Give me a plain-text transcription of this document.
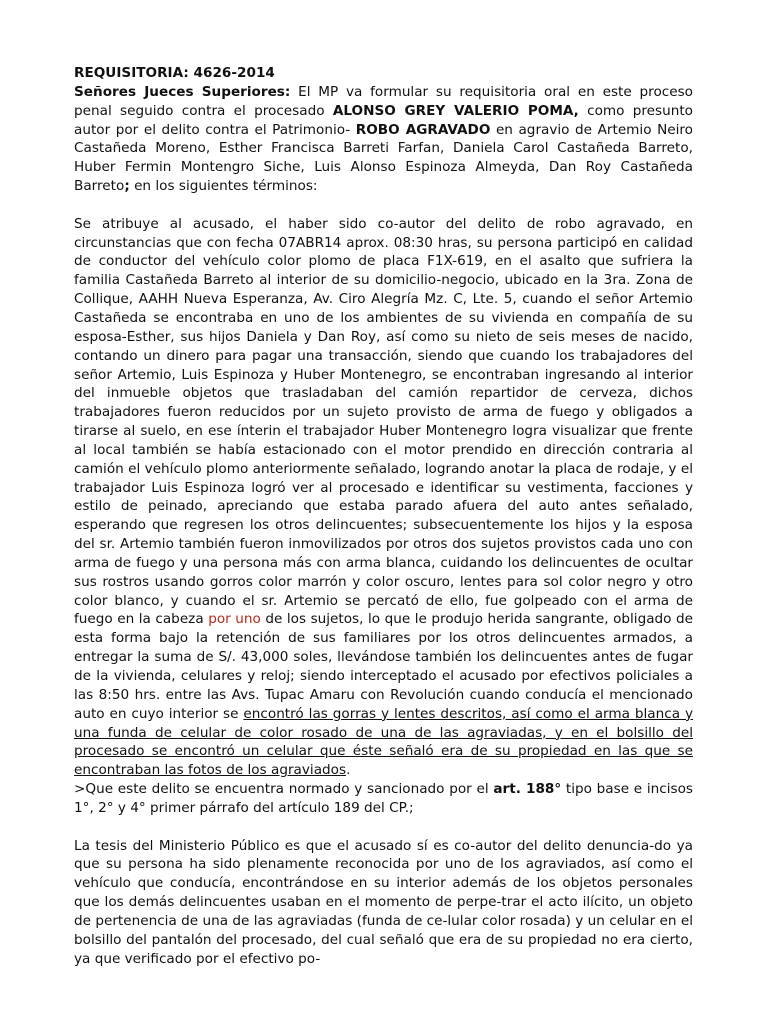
REQUISITORIA: 4626-2014

Señores Jueces Superiores: El MP va formular su requisitoria oral en este proceso penal seguido contra el procesado ALONSO GREY VALERIO POMA, como presunto autor por el delito contra el Patrimonio- ROBO AGRAVADO en agravio de Artemio Neiro Castañeda Moreno, Esther Francisca Barreti Farfan, Daniela Carol Castañeda Barreto, Huber Fermin Montengro Siche, Luis Alonso Espinoza Almeyda, Dan Roy Castañeda Barreto; en los siguientes términos:

Se atribuye al acusado, el haber sido co-autor del delito de robo agravado, en circunstancias que con fecha 07ABR14 aprox. 08:30 hras, su persona participó en calidad de conductor del vehículo color plomo de placa F1X-619, en el asalto que sufriera la familia Castañeda Barreto al interior de su domicilio-negocio, ubicado en la 3ra. Zona de Collique, AAHH Nueva Esperanza, Av. Ciro Alegría Mz. C, Lte. 5, cuando el señor Artemio Castañeda se encontraba en uno de los ambientes de su vivienda en compañía de su esposa-Esther, sus hijos Daniela y Dan Roy, así como su nieto de seis meses de nacido, contando un dinero para pagar una transacción, siendo que cuando los trabajadores del señor Artemio, Luis Espinoza y Huber Montenegro, se encontraban ingresando al interior del inmueble objetos que trasladaban del camión repartidor de cerveza, dichos trabajadores fueron reducidos por un sujeto provisto de arma de fuego y obligados a tirarse al suelo, en ese ínterin el trabajador Huber Montenegro logra visualizar que frente al local también se había estacionado con el motor prendido en dirección contraria al camión el vehículo plomo anteriormente señalado, logrando anotar la placa de rodaje, y el trabajador Luis Espinoza logró ver al procesado e identificar su vestimenta, facciones y estilo de peinado, apreciando que estaba parado afuera del auto antes señalado, esperando que regresen los otros delincuentes; subsecuentemente los hijos y la esposa del sr. Artemio también fueron inmovilizados por otros dos sujetos provistos cada uno con arma de fuego y una persona más con arma blanca, cuidando los delincuentes de ocultar sus rostros usando gorros color marrón y color oscuro, lentes para sol color negro y otro color blanco, y cuando el sr. Artemio se percató de ello, fue golpeado con el arma de fuego en la cabeza por uno de los sujetos, lo que le produjo herida sangrante, obligado de esta forma bajo la retención de sus familiares por los otros delincuentes armados, a entregar la suma de S/. 43,000 soles, llevándose también los delincuentes antes de fugar de la vivienda, celulares y reloj; siendo interceptado el acusado por efectivos policiales a las 8:50 hrs. entre las Avs. Tupac Amaru con Revolución cuando conducía el mencionado auto en cuyo interior se encontró las gorras y lentes descritos, así como el arma blanca y una funda de celular de color rosado de una de las agraviadas, y en el bolsillo del procesado se encontró un celular que éste señaló era de su propiedad en las que se encontraban las fotos de los agraviados.

>Que este delito se encuentra normado y sancionado por el art. 188° tipo base e incisos 1°, 2° y 4° primer párrafo del artículo 189 del CP.;

La tesis del Ministerio Público es que el acusado sí es co-autor del delito denuncia-do ya que su persona ha sido plenamente reconocida por uno de los agraviados, así como el vehículo que conducía, encontrándose en su interior además de los objetos personales que los demás delincuentes usaban en el momento de perpe-trar el acto ilícito, un objeto de pertenencia de una de las agraviadas (funda de ce-lular color rosada) y un celular en el bolsillo del pantalón del procesado, del cual señaló que era de su propiedad no era cierto, ya que verificado por el efectivo po-
